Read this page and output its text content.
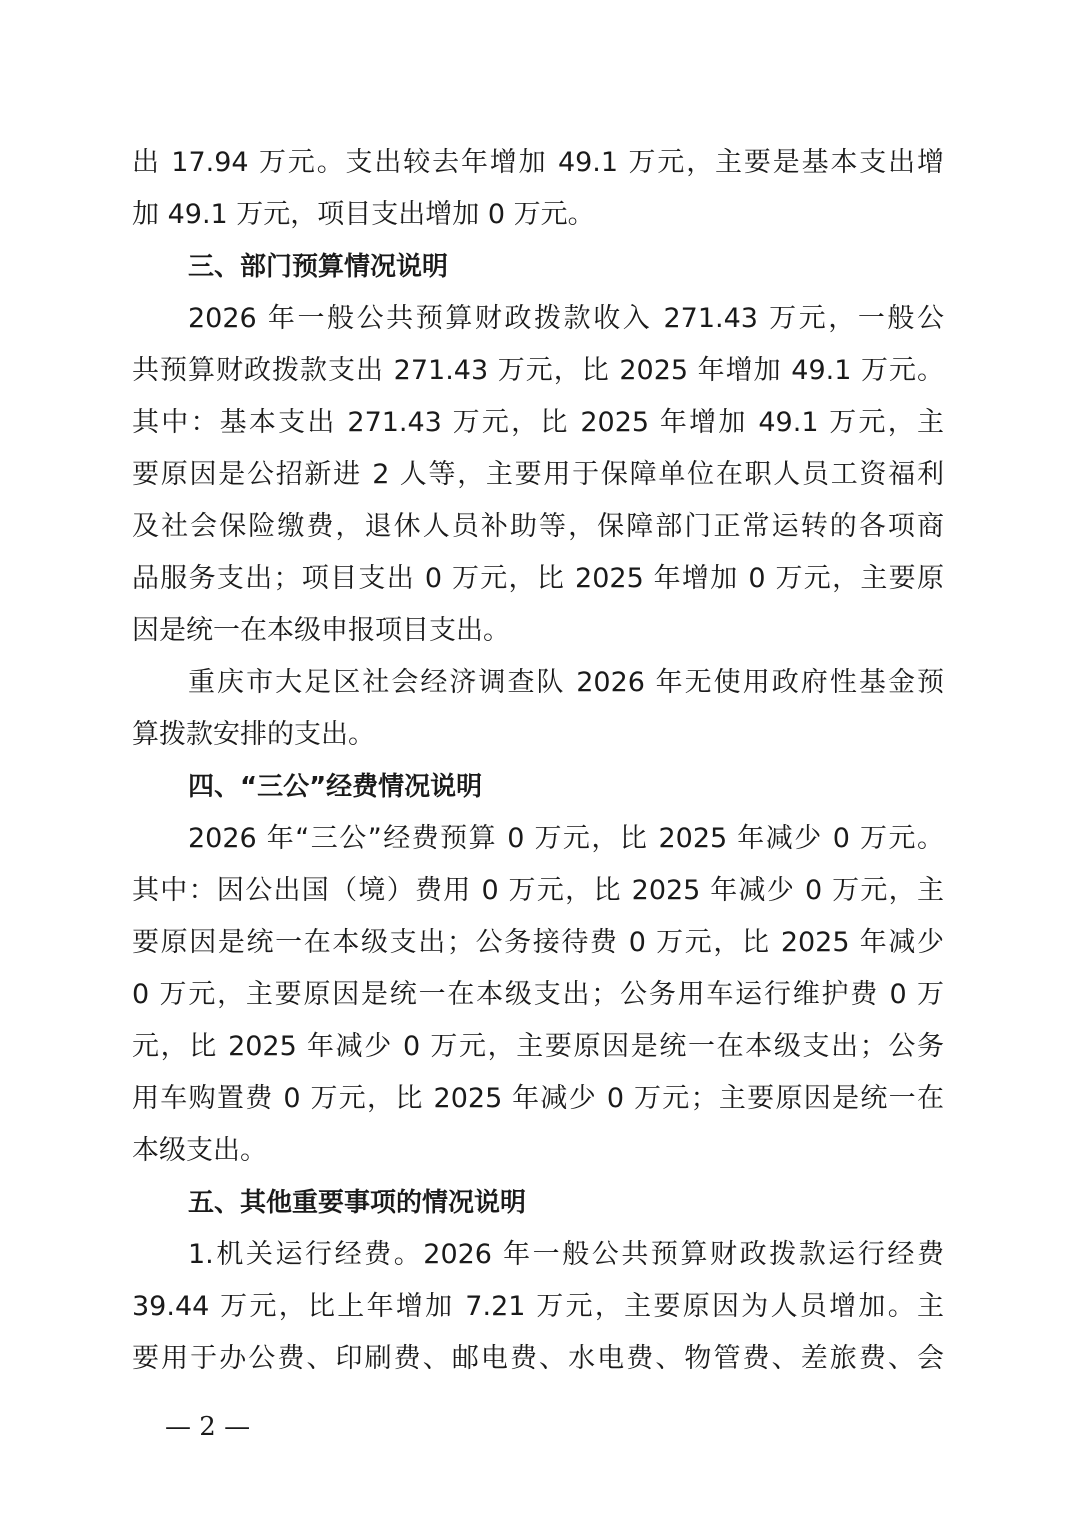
出 17.94 万元。支出较去年增加 49.1 万元，主要是基本支出增
加 49.1 万元，项目支出增加 0 万元。
三、部门预算情况说明
2026 年一般公共预算财政拨款收入 271.43 万元，一般公
共预算财政拨款支出 271.43 万元，比 2025 年增加 49.1 万元。
其中：基本支出 271.43 万元，比 2025 年增加 49.1 万元，主
要原因是公招新进 2 人等，主要用于保障单位在职人员工资福利
及社会保险缴费，退休人员补助等，保障部门正常运转的各项商
品服务支出；项目支出 0 万元，比 2025 年增加 0 万元，主要原
因是统一在本级申报项目支出。
重庆市大足区社会经济调查队 2026 年无使用政府性基金预
算拨款安排的支出。
四、“三公”经费情况说明
2026 年“三公”经费预算 0 万元，比 2025 年减少 0 万元。
其中：因公出国（境）费用 0 万元，比 2025 年减少 0 万元，主
要原因是统一在本级支出；公务接待费 0 万元，比 2025 年减少
0 万元，主要原因是统一在本级支出；公务用车运行维护费 0 万
元，比 2025 年减少 0 万元，主要原因是统一在本级支出；公务
用车购置费 0 万元，比 2025 年减少 0 万元；主要原因是统一在
本级支出。
五、其他重要事项的情况说明
1.机关运行经费。2026 年一般公共预算财政拨款运行经费
39.44 万元，比上年增加 7.21 万元，主要原因为人员增加。主
要用于办公费、印刷费、邮电费、水电费、物管费、差旅费、会
— 2 —
